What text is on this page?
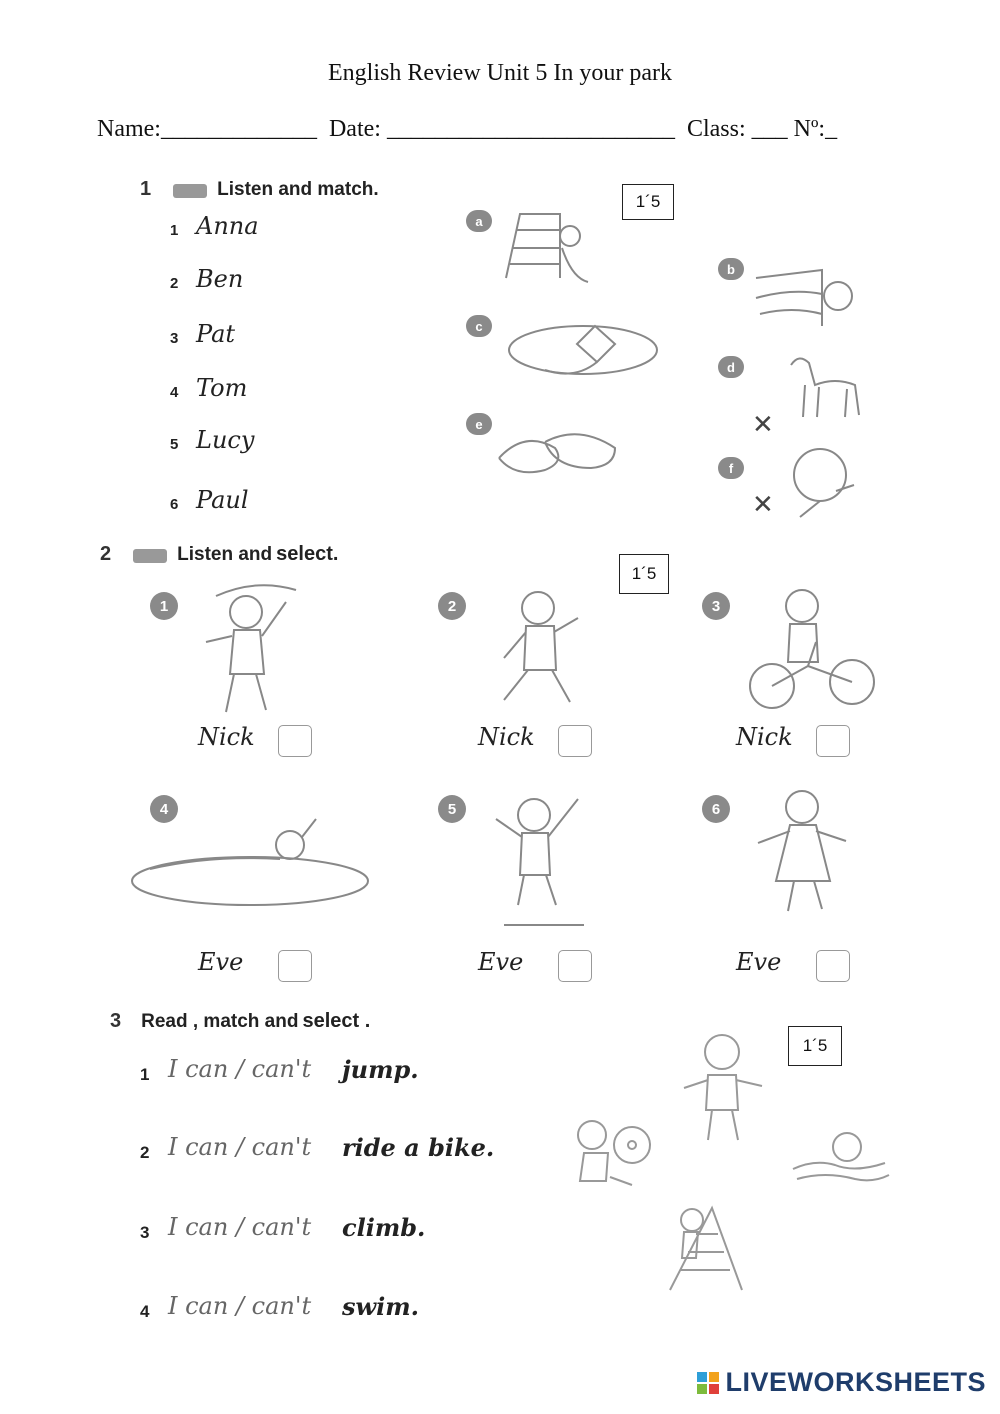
English Review Unit 5 In your park
Name:_____________  Date: ________________________  Class: ___ Nº:_
1	Listen and match.
1´5
1 Anna
2 Ben
3 Pat
4 Tom
5 Lucy
6 Paul
a
b
c
d
e
f
✕
✕
2	Listen and select.
1´5
1
Nick
2
Nick
3
Nick
4
Eve
5
Eve
6
Eve
3 Read , match and select .
1´5
1 I can / can't jump.
2 I can / can't ride a bike.
3 I can / can't climb.
4 I can / can't swim.
LIVEWORKSHEETS
